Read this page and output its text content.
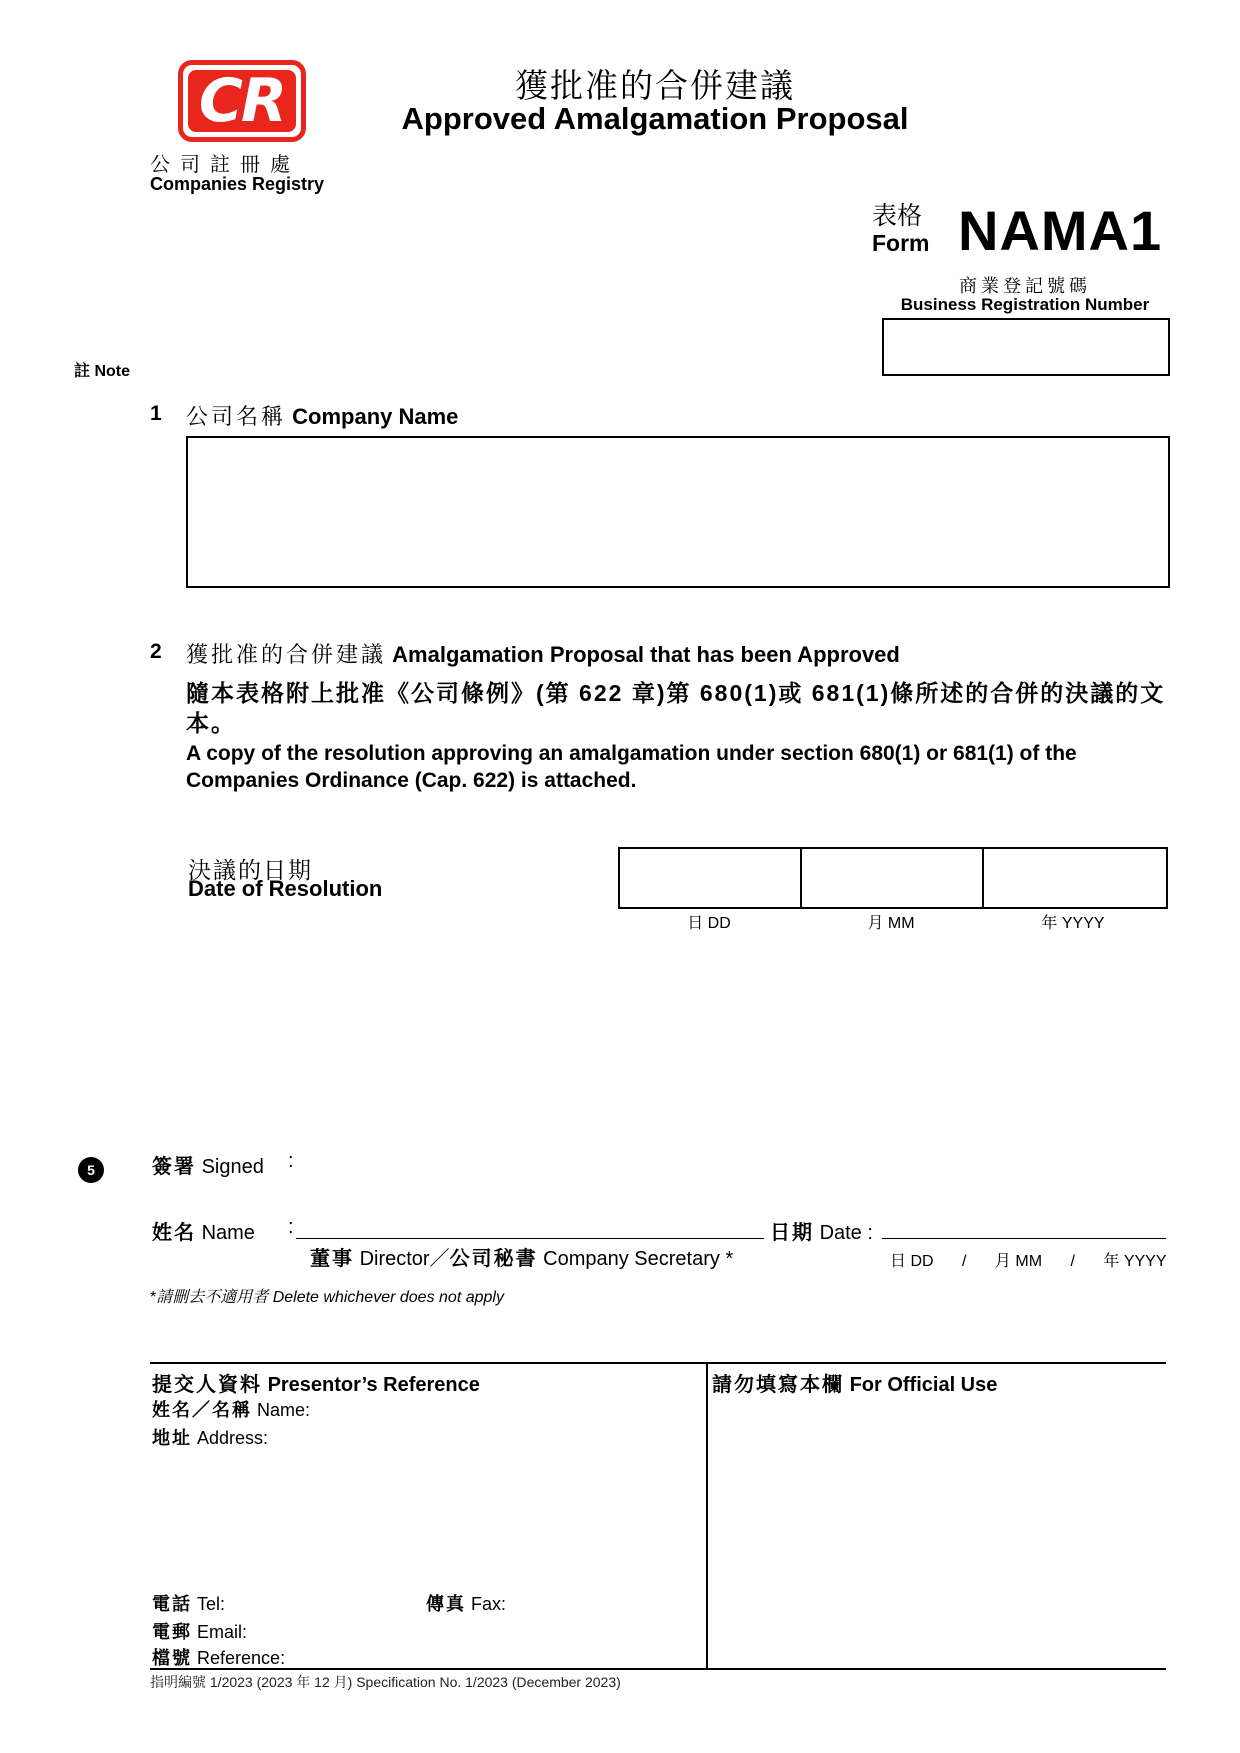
CR
公司註冊處
Companies Registry
獲批准的合併建議
Approved Amalgamation Proposal
表格
Form NAMA1
商業登記號碼
Business Registration Number
註 Note
1 公司名稱 Company Name
2 獲批准的合併建議 Amalgamation Proposal that has been Approved
隨本表格附上批准《公司條例》(第 622 章)第 680(1)或 681(1)條所述的合併的決議的文本。
A copy of the resolution approving an amalgamation under section 680(1) or 681(1) of the Companies Ordinance (Cap. 622) is attached.
決議的日期
Date of Resolution
日 DD	月 MM	年 YYYY
5	簽署 Signed :
姓名 Name :	日期 Date :
董事 Director／公司秘書 Company Secretary *	日 DD / 月 MM / 年 YYYY
*請刪去不適用者 Delete whichever does not apply
提交人資料 Presentor’s Reference
姓名／名稱 Name:
地址 Address:
電話 Tel:	傳真 Fax:
電郵 Email:
檔號 Reference:
請勿填寫本欄 For Official Use
指明編號 1/2023 (2023 年 12 月) Specification No. 1/2023 (December 2023)
